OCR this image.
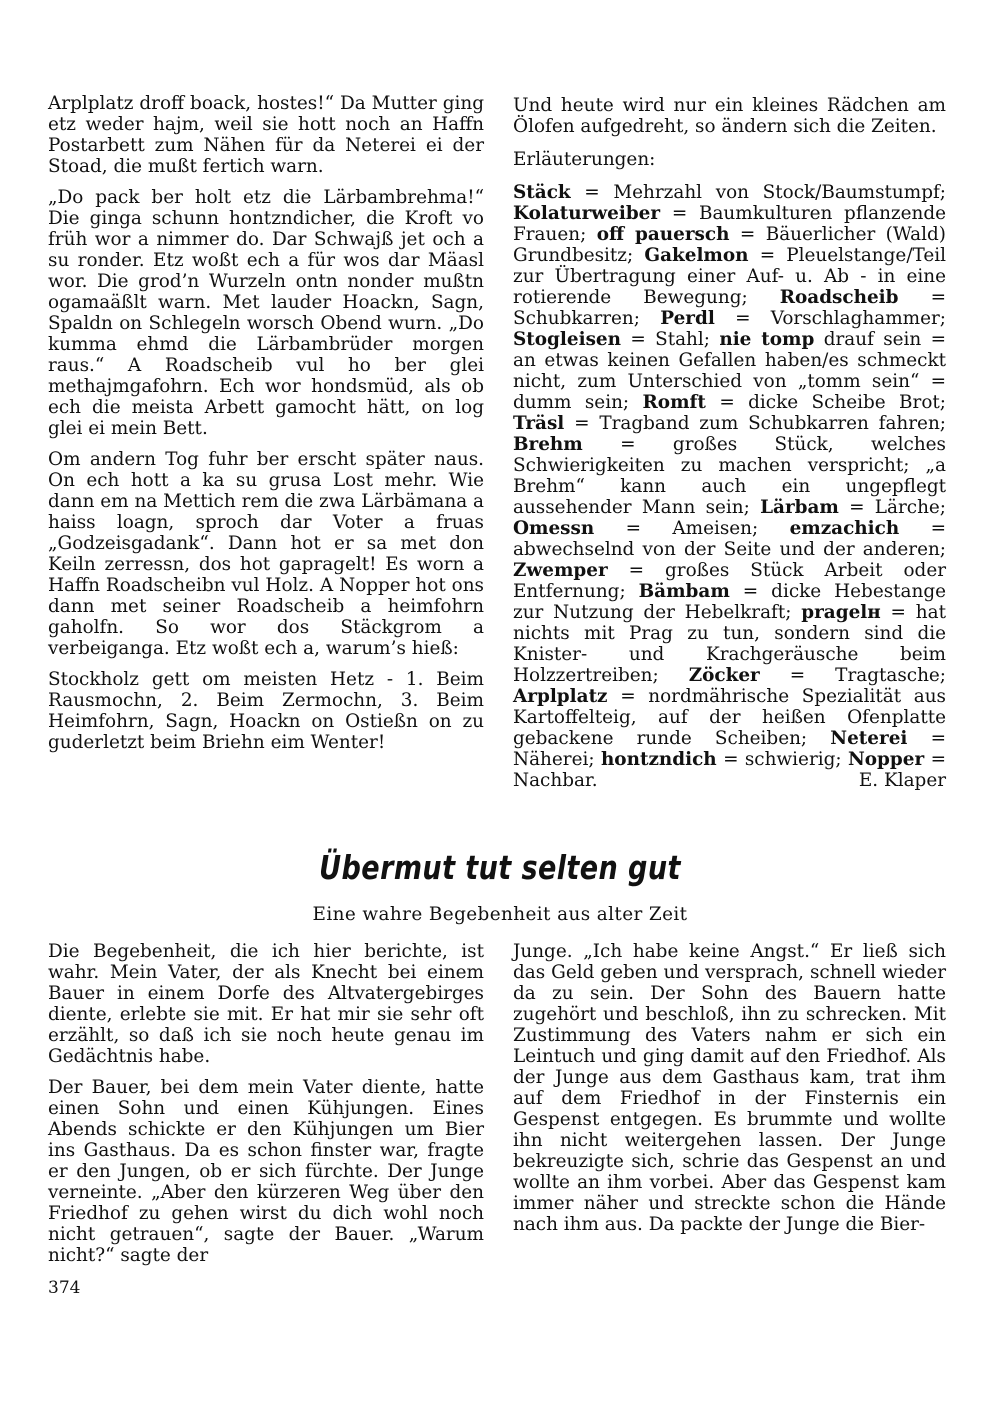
Arplplatz droff boack, hostes!“ Da Mutter ging etz weder hajm, weil sie hott noch an Haffn Postarbett zum Nähen für da Neterei ei der Stoad, die mußt fertich warn.

„Do pack ber holt etz die Lärbambrehma!“ Die ginga schunn hontzndicher, die Kroft vo früh wor a nimmer do. Dar Schwajß jet och a su ronder. Etz woßt ech a für wos dar Mäasl wor. Die grod’n Wurzeln ontn nonder mußtn ogamaäßlt warn. Met lauder Hoackn, Sagn, Spaldn on Schlegeln worsch Obend wurn. „Do kumma ehmd die Lärbambrüder morgen raus.“ A Roadscheib vul ho ber glei methajmgafohrn. Ech wor hondsmüd, als ob ech die meista Arbett gamocht hätt, on log glei ei mein Bett.

Om andern Tog fuhr ber erscht später naus. On ech hott a ka su grusa Lost mehr. Wie dann em na Mettich rem die zwa Lärbämana a haiss loagn, sproch dar Voter a fruas „Godzeisgadank“. Dann hot er sa met don Keiln zerressn, dos hot gapragelt! Es worn a Haffn Roadscheibn vul Holz. A Nopper hot ons dann met seiner Roadscheib a heimfohrn gaholfn. So wor dos Stäckgrom a verbeiganga. Etz woßt ech a, warum’s hieß:

Stockholz gett om meisten Hetz - 1. Beim Rausmochn, 2. Beim Zermochn, 3. Beim Heimfohrn, Sagn, Hoackn on Ostießn on zu guderletzt beim Briehn eim Wenter!

Und heute wird nur ein kleines Rädchen am Ölofen aufgedreht, so ändern sich die Zeiten.

Erläuterungen:

Stäck = Mehrzahl von Stock/Baumstumpf; Kolaturweiber = Baumkulturen pflanzende Frauen; off pauersch = Bäuerlicher (Wald) Grundbesitz; Gakelmon = Pleuelstange/Teil zur Übertragung einer Auf- u. Ab - in eine rotierende Bewegung; Roadscheib = Schubkarren; Perdl = Vorschlaghammer; Stogleisen = Stahl; nie tomp drauf sein = an etwas keinen Gefallen haben/es schmeckt nicht, zum Unterschied von „tomm sein“ = dumm sein; Romft = dicke Scheibe Brot; Träsl = Tragband zum Schubkarren fahren; Brehm = großes Stück, welches Schwierigkeiten zu machen verspricht; „a Brehm“ kann auch ein ungepflegt aussehender Mann sein; Lärbam = Lärche; Omessn = Ameisen; emzachich = abwechselnd von der Seite und der anderen; Zwemper = großes Stück Arbeit oder Entfernung; Bämbam = dicke Hebestange zur Nutzung der Hebelkraft; pragelн = hat nichts mit Prag zu tun, sondern sind die Knister- und Krachgeräusche beim Holzzertreiben; Zöcker = Tragtasche; Arplplatz = nordmährische Spezialität aus Kartoffelteig, auf der heißen Ofenplatte gebackene runde Scheiben; Neterei = Näherei; hontzndich = schwierig; Nopper = Nachbar.	E. Klaper
Übermut tut selten gut
Eine wahre Begebenheit aus alter Zeit

Die Begebenheit, die ich hier berichte, ist wahr. Mein Vater, der als Knecht bei einem Bauer in einem Dorfe des Altvatergebirges diente, erlebte sie mit. Er hat mir sie sehr oft erzählt, so daß ich sie noch heute genau im Gedächtnis habe.

Der Bauer, bei dem mein Vater diente, hatte einen Sohn und einen Kühjungen. Eines Abends schickte er den Kühjungen um Bier ins Gasthaus. Da es schon finster war, fragte er den Jungen, ob er sich fürchte. Der Junge verneinte. „Aber den kürzeren Weg über den Friedhof zu gehen wirst du dich wohl noch nicht getrauen“, sagte der Bauer. „Warum nicht?“ sagte der

Junge. „Ich habe keine Angst.“ Er ließ sich das Geld geben und versprach, schnell wieder da zu sein. Der Sohn des Bauern hatte zugehört und beschloß, ihn zu schrecken. Mit Zustimmung des Vaters nahm er sich ein Leintuch und ging damit auf den Friedhof. Als der Junge aus dem Gasthaus kam, trat ihm auf dem Friedhof in der Finsternis ein Gespenst entgegen. Es brummte und wollte ihn nicht weitergehen lassen. Der Junge bekreuzigte sich, schrie das Gespenst an und wollte an ihm vorbei. Aber das Gespenst kam immer näher und streckte schon die Hände nach ihm aus. Da packte der Junge die Bier-

374
